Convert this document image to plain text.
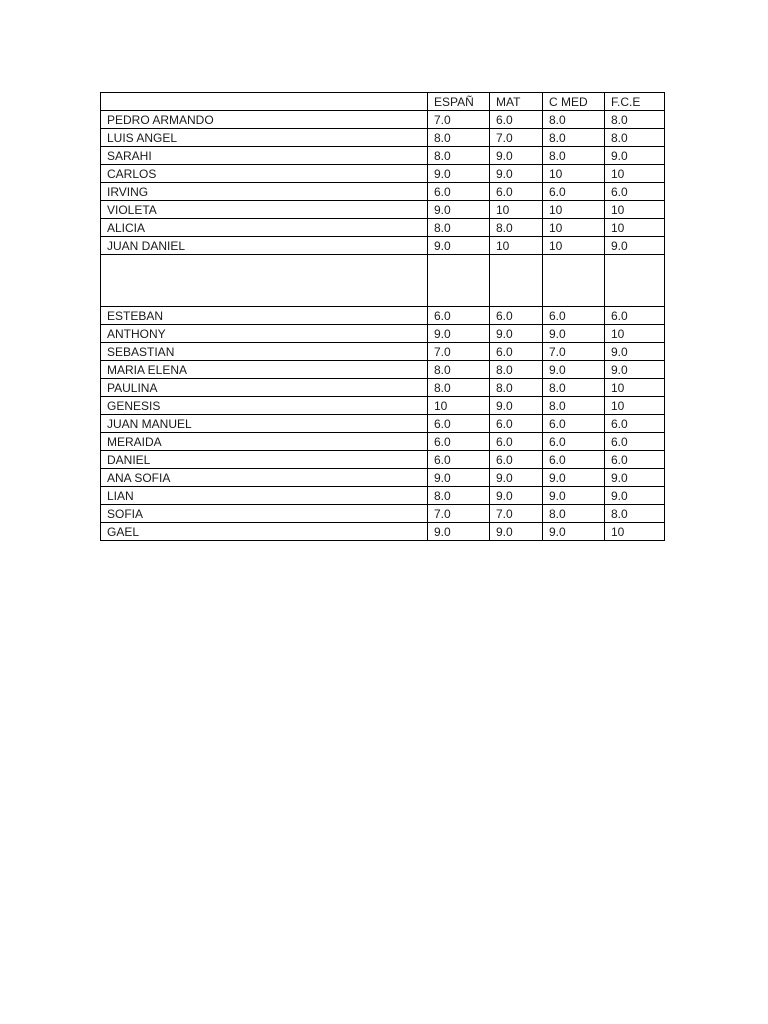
	ESPAÑ	MAT	C MED	F.C.E
PEDRO ARMANDO	7.0	6.0	8.0	8.0
LUIS ANGEL	8.0	7.0	8.0	8.0
SARAHI	8.0	9.0	8.0	9.0
CARLOS	9.0	9.0	10	10
IRVING	6.0	6.0	6.0	6.0
VIOLETA	9.0	10	10	10
ALICIA	8.0	8.0	10	10
JUAN DANIEL	9.0	10	10	9.0

ESTEBAN	6.0	6.0	6.0	6.0
ANTHONY	9.0	9.0	9.0	10
SEBASTIAN	7.0	6.0	7.0	9.0
MARIA ELENA	8.0	8.0	9.0	9.0
PAULINA	8.0	8.0	8.0	10
GENESIS	10	9.0	8.0	10
JUAN MANUEL	6.0	6.0	6.0	6.0
MERAIDA	6.0	6.0	6.0	6.0
DANIEL	6.0	6.0	6.0	6.0
ANA SOFIA	9.0	9.0	9.0	9.0
LIAN	8.0	9.0	9.0	9.0
SOFIA	7.0	7.0	8.0	8.0
GAEL	9.0	9.0	9.0	10
